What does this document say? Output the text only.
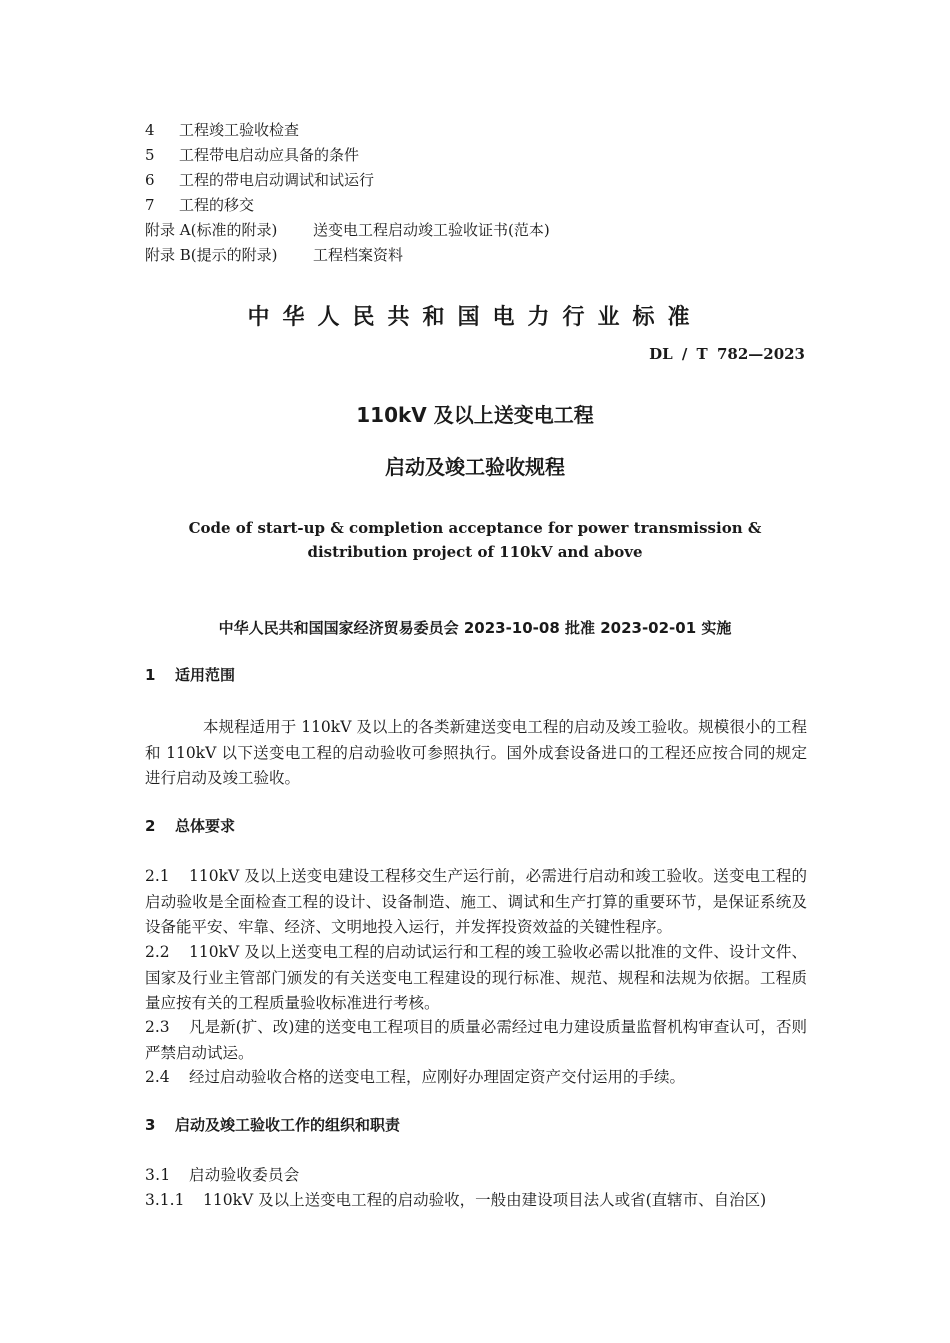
4 工程竣工验收检查
5 工程带电启动应具备的条件
6 工程的带电启动调试和试运行
7 工程的移交
附录 A(标准的附录) 送变电工程启动竣工验收证书(范本)
附录 B(提示的附录) 工程档案资料
中华人民共和国电力行业标准
DL / T 782—2023
110kV 及以上送变电工程
启动及竣工验收规程
Code of start-up & completion acceptance for power transmission &
distribution project of 110kV and above
中华人民共和国国家经济贸易委员会 2023-10-08 批准 2023-02-01 实施
1 适用范围
本规程适用于 110kV 及以上的各类新建送变电工程的启动及竣工验收。规模很小的工程和 110kV 以下送变电工程的启动验收可参照执行。国外成套设备进口的工程还应按合同的规定进行启动及竣工验收。
2 总体要求
2.1 110kV 及以上送变电建设工程移交生产运行前，必需进行启动和竣工验收。送变电工程的启动验收是全面检查工程的设计、设备制造、施工、调试和生产打算的重要环节，是保证系统及设备能平安、牢靠、经济、文明地投入运行，并发挥投资效益的关键性程序。
2.2 110kV 及以上送变电工程的启动试运行和工程的竣工验收必需以批准的文件、设计文件、国家及行业主管部门颁发的有关送变电工程建设的现行标准、规范、规程和法规为依据。工程质量应按有关的工程质量验收标准进行考核。
2.3 凡是新(扩、改)建的送变电工程项目的质量必需经过电力建设质量监督机构审查认可，否则严禁启动试运。
2.4 经过启动验收合格的送变电工程，应刚好办理固定资产交付运用的手续。
3 启动及竣工验收工作的组织和职责
3.1 启动验收委员会
3.1.1 110kV 及以上送变电工程的启动验收，一般由建设项目法人或省(直辖市、自治区)
